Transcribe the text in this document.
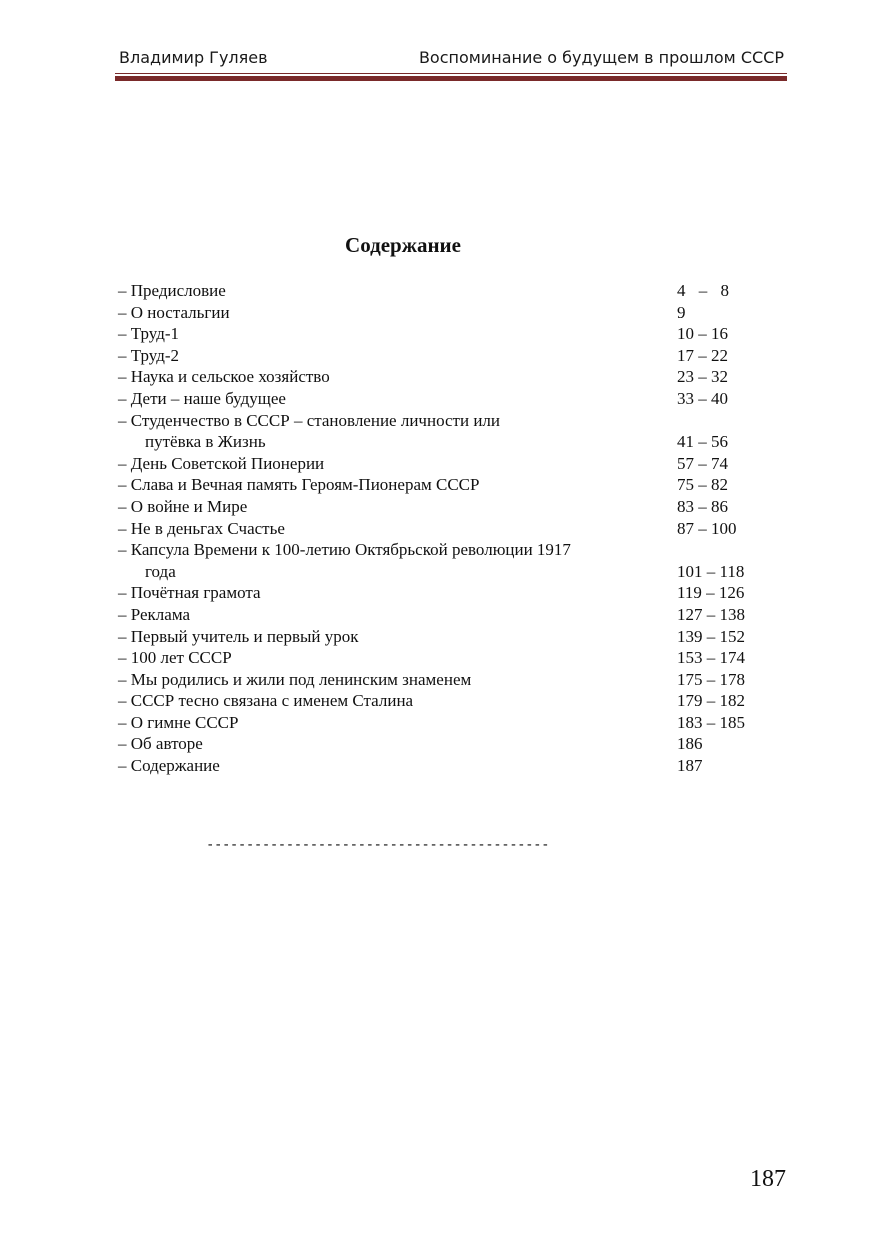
Владимир Гуляев	Воспоминание о будущем в прошлом СССР
Содержание
– Предисловие	4 – 8
– О ностальгии	9
– Труд-1	10 – 16
– Труд-2	17 – 22
– Наука и сельское хозяйство	23 – 32
– Дети – наше будущее	33 – 40
– Студенчество в СССР – становление личности или
путёвка в Жизнь	41 – 56
– День Советской Пионерии	57 – 74
– Слава и Вечная память Героям-Пионерам СССР	75 – 82
– О войне и Мире	83 – 86
– Не в деньгах Счастье	87 – 100
– Капсула Времени к 100-летию Октябрьской революции 1917
года	101 – 118
– Почётная грамота	119 – 126
– Реклама	127 – 138
– Первый учитель и первый урок	139 – 152
– 100 лет СССР	153 – 174
– Мы родились и жили под ленинским знаменем	175 – 178
– СССР тесно связана с именем Сталина	179 – 182
– О гимне СССР	183 – 185
– Об авторе	186
– Содержание	187
-------------------------------------------
187
